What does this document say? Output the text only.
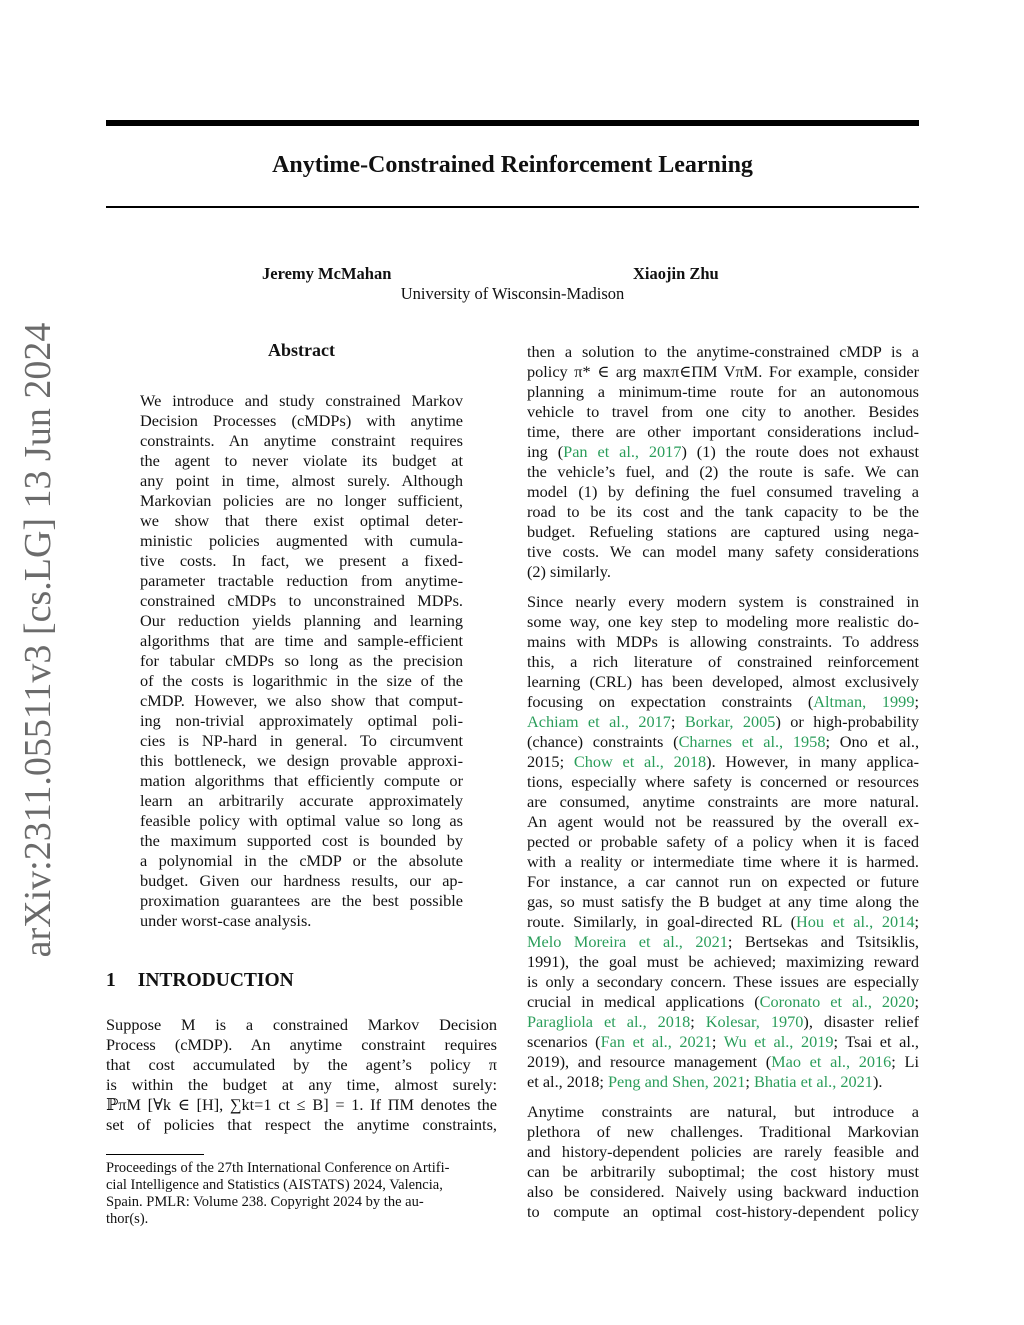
Anytime-Constrained Reinforcement Learning
Jeremy McMahan	Xiaojin Zhu
University of Wisconsin-Madison
arXiv:2311.05511v3 [cs.LG] 13 Jun 2024	Abstract
We introduce and study constrained Markov
Decision Processes (cMDPs) with anytime
constraints. An anytime constraint requires
the agent to never violate its budget at
any point in time, almost surely. Although
Markovian policies are no longer sufficient,
we show that there exist optimal deter-
ministic policies augmented with cumula-
tive costs. In fact, we present a fixed-
parameter tractable reduction from anytime-
constrained cMDPs to unconstrained MDPs.
Our reduction yields planning and learning
algorithms that are time and sample-efficient
for tabular cMDPs so long as the precision
of the costs is logarithmic in the size of the
cMDP. However, we also show that comput-
ing non-trivial approximately optimal poli-
cies is NP-hard in general. To circumvent
this bottleneck, we design provable approxi-
mation algorithms that efficiently compute or
learn an arbitrarily accurate approximately
feasible policy with optimal value so long as
the maximum supported cost is bounded by
a polynomial in the cMDP or the absolute
budget. Given our hardness results, our ap-
proximation guarantees are the best possible
under worst-case analysis.
1 INTRODUCTION
Suppose M is a constrained Markov Decision
Process (cMDP). An anytime constraint requires
that cost accumulated by the agent’s policy π
is within the budget at any time, almost surely:
ℙπM [∀k ∈ [H], ∑kt=1 ct ≤ B] = 1. If ΠM denotes the
set of policies that respect the anytime constraints,
Proceedings of the 27th International Conference on Artifi-
cial Intelligence and Statistics (AISTATS) 2024, Valencia,
Spain. PMLR: Volume 238. Copyright 2024 by the au-
thor(s).
then a solution to the anytime-constrained cMDP is a
policy π* ∈ arg maxπ∈ΠM VπM. For example, consider
planning a minimum-time route for an autonomous
vehicle to travel from one city to another. Besides
time, there are other important considerations includ-
ing (Pan et al., 2017) (1) the route does not exhaust
the vehicle’s fuel, and (2) the route is safe. We can
model (1) by defining the fuel consumed traveling a
road to be its cost and the tank capacity to be the
budget. Refueling stations are captured using nega-
tive costs. We can model many safety considerations
(2) similarly.
Since nearly every modern system is constrained in
some way, one key step to modeling more realistic do-
mains with MDPs is allowing constraints. To address
this, a rich literature of constrained reinforcement
learning (CRL) has been developed, almost exclusively
focusing on expectation constraints (Altman, 1999;
Achiam et al., 2017; Borkar, 2005) or high-probability
(chance) constraints (Charnes et al., 1958; Ono et al.,
2015; Chow et al., 2018). However, in many applica-
tions, especially where safety is concerned or resources
are consumed, anytime constraints are more natural.
An agent would not be reassured by the overall ex-
pected or probable safety of a policy when it is faced
with a reality or intermediate time where it is harmed.
For instance, a car cannot run on expected or future
gas, so must satisfy the B budget at any time along the
route. Similarly, in goal-directed RL (Hou et al., 2014;
Melo Moreira et al., 2021; Bertsekas and Tsitsiklis,
1991), the goal must be achieved; maximizing reward
is only a secondary concern. These issues are especially
crucial in medical applications (Coronato et al., 2020;
Paragliola et al., 2018; Kolesar, 1970), disaster relief
scenarios (Fan et al., 2021; Wu et al., 2019; Tsai et al.,
2019), and resource management (Mao et al., 2016; Li
et al., 2018; Peng and Shen, 2021; Bhatia et al., 2021).
Anytime constraints are natural, but introduce a
plethora of new challenges. Traditional Markovian
and history-dependent policies are rarely feasible and
can be arbitrarily suboptimal; the cost history must
also be considered. Naively using backward induction
to compute an optimal cost-history-dependent policy
